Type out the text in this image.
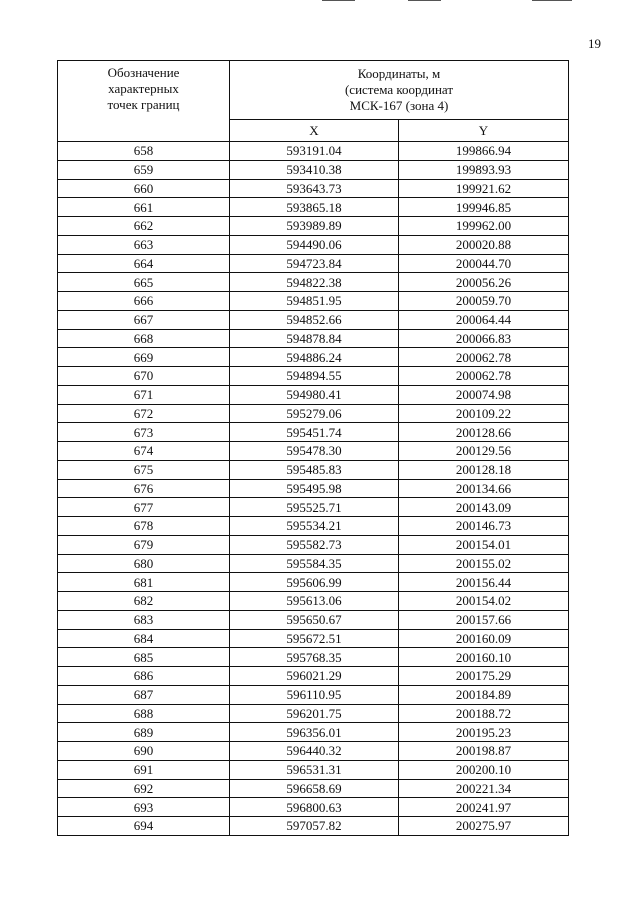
19
Обозначение
характерных
точек границ	Координаты, м
(система координат
МСК-167 (зона 4)	

	X	Y
658	593191.04	199866.94
659	593410.38	199893.93
660	593643.73	199921.62
661	593865.18	199946.85
662	593989.89	199962.00
663	594490.06	200020.88
664	594723.84	200044.70
665	594822.38	200056.26
666	594851.95	200059.70
667	594852.66	200064.44
668	594878.84	200066.83
669	594886.24	200062.78
670	594894.55	200062.78
671	594980.41	200074.98
672	595279.06	200109.22
673	595451.74	200128.66
674	595478.30	200129.56
675	595485.83	200128.18
676	595495.98	200134.66
677	595525.71	200143.09
678	595534.21	200146.73
679	595582.73	200154.01
680	595584.35	200155.02
681	595606.99	200156.44
682	595613.06	200154.02
683	595650.67	200157.66
684	595672.51	200160.09
685	595768.35	200160.10
686	596021.29	200175.29
687	596110.95	200184.89
688	596201.75	200188.72
689	596356.01	200195.23
690	596440.32	200198.87
691	596531.31	200200.10
692	596658.69	200221.34
693	596800.63	200241.97
694	597057.82	200275.97
